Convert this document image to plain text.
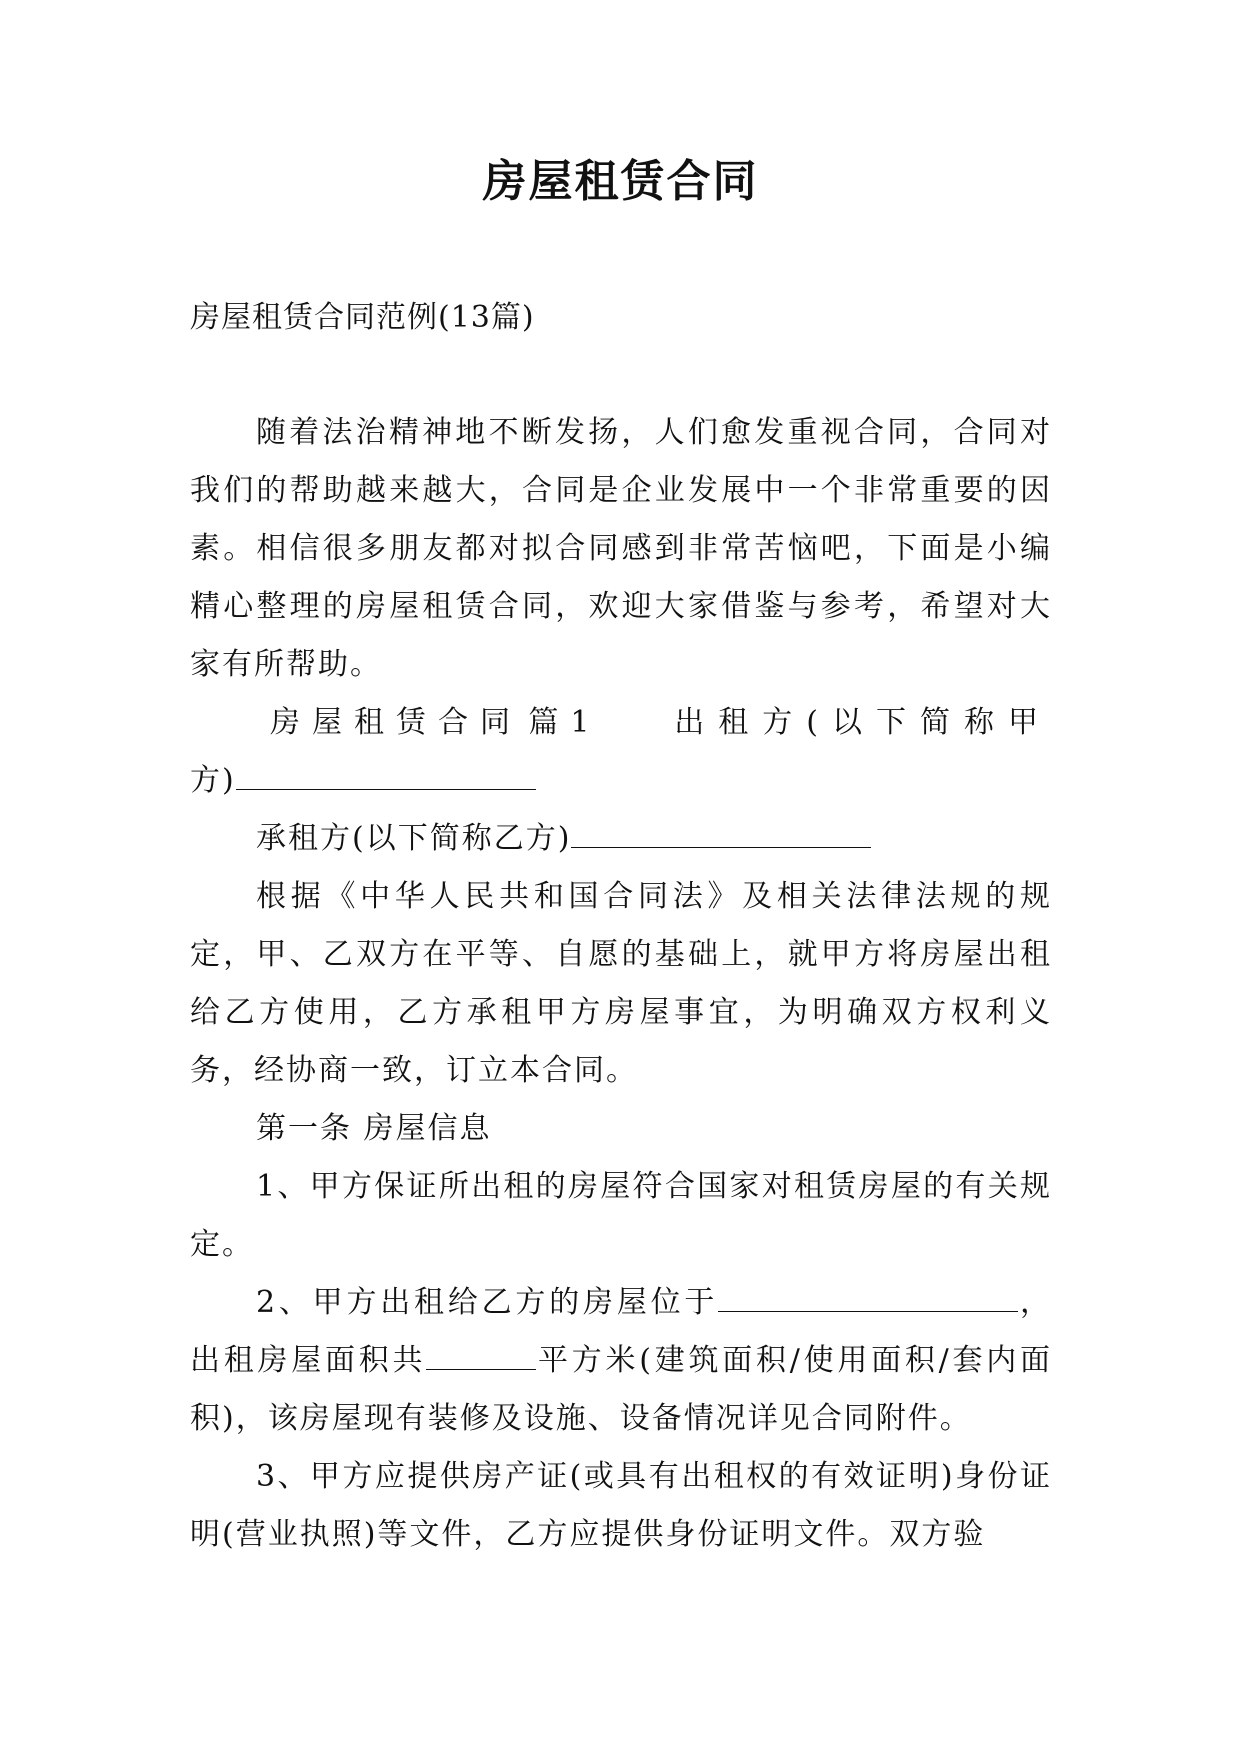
房屋租赁合同
房屋租赁合同范例(13篇)

随着法治精神地不断发扬，人们愈发重视合同，合同对我们的帮助越来越大，合同是企业发展中一个非常重要的因素。相信很多朋友都对拟合同感到非常苦恼吧，下面是小编精心整理的房屋租赁合同，欢迎大家借鉴与参考，希望对大家有所帮助。

房屋租赁合同 篇1 出租方(以下简称甲
方)
承租方(以下简称乙方)

根据《中华人民共和国合同法》及相关法律法规的规定，甲、乙双方在平等、自愿的基础上，就甲方将房屋出租给乙方使用，乙方承租甲方房屋事宜，为明确双方权利义务，经协商一致，订立本合同。

第一条 房屋信息

1、甲方保证所出租的房屋符合国家对租赁房屋的有关规定。

2、甲方出租给乙方的房屋位于	，出租房屋面积共	平方米(建筑面积/使用面积/套内面积)，该房屋现有装修及设施、设备情况详见合同附件。

3、甲方应提供房产证(或具有出租权的有效证明)身份证明(营业执照)等文件，乙方应提供身份证明文件。双方验
